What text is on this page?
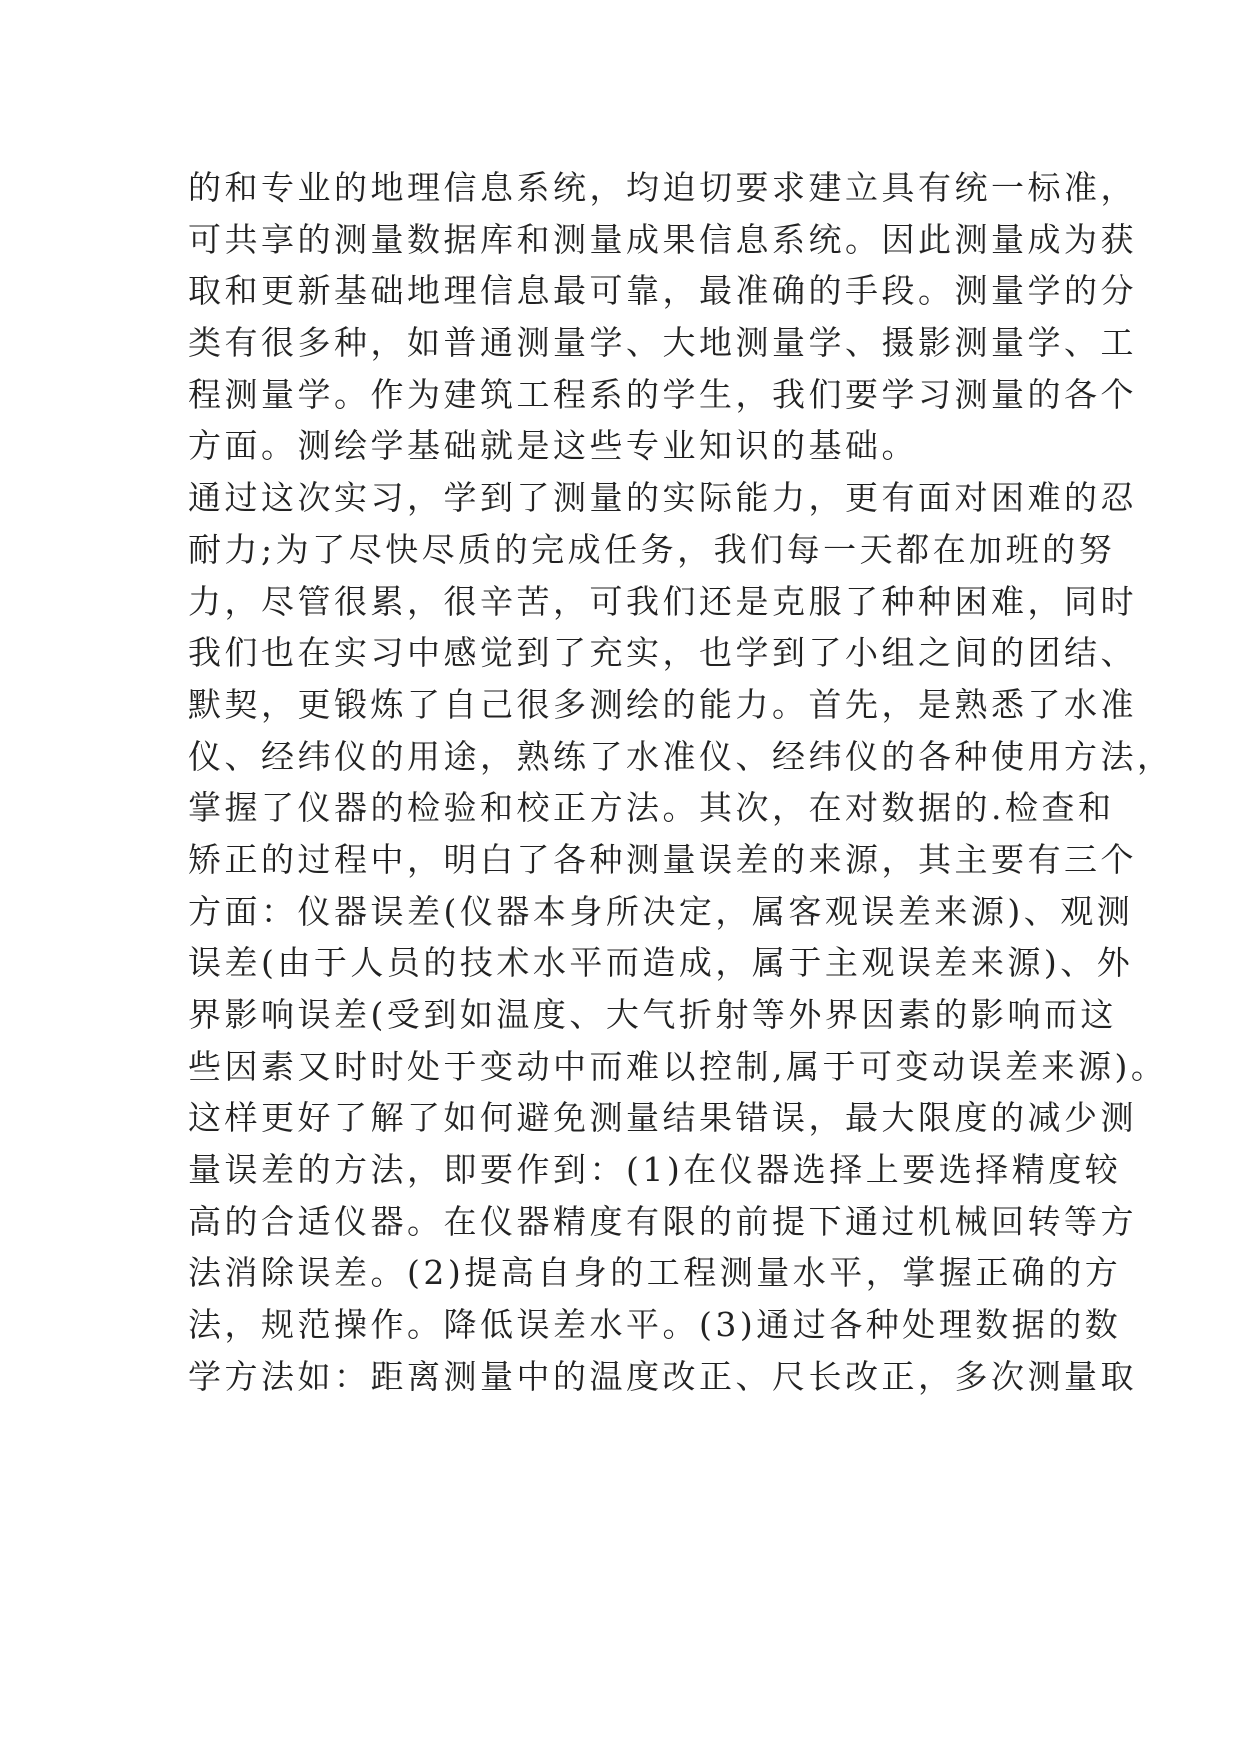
的和专业的地理信息系统，均迫切要求建立具有统一标准，
可共享的测量数据库和测量成果信息系统。因此测量成为获
取和更新基础地理信息最可靠，最准确的手段。测量学的分
类有很多种，如普通测量学、大地测量学、摄影测量学、工
程测量学。作为建筑工程系的学生，我们要学习测量的各个
方面。测绘学基础就是这些专业知识的基础。
通过这次实习，学到了测量的实际能力，更有面对困难的忍
耐力;为了尽快尽质的完成任务，我们每一天都在加班的努
力，尽管很累，很辛苦，可我们还是克服了种种困难，同时
我们也在实习中感觉到了充实，也学到了小组之间的团结、
默契，更锻炼了自己很多测绘的能力。首先，是熟悉了水准
仪、经纬仪的用途，熟练了水准仪、经纬仪的各种使用方法，
掌握了仪器的检验和校正方法。其次，在对数据的.检查和
矫正的过程中，明白了各种测量误差的来源，其主要有三个
方面：仪器误差(仪器本身所决定，属客观误差来源)、观测
误差(由于人员的技术水平而造成，属于主观误差来源)、外
界影响误差(受到如温度、大气折射等外界因素的影响而这
些因素又时时处于变动中而难以控制,属于可变动误差来源)。
这样更好了解了如何避免测量结果错误，最大限度的减少测
量误差的方法，即要作到：(1)在仪器选择上要选择精度较
高的合适仪器。在仪器精度有限的前提下通过机械回转等方
法消除误差。(2)提高自身的工程测量水平，掌握正确的方
法，规范操作。降低误差水平。(3)通过各种处理数据的数
学方法如：距离测量中的温度改正、尺长改正，多次测量取
